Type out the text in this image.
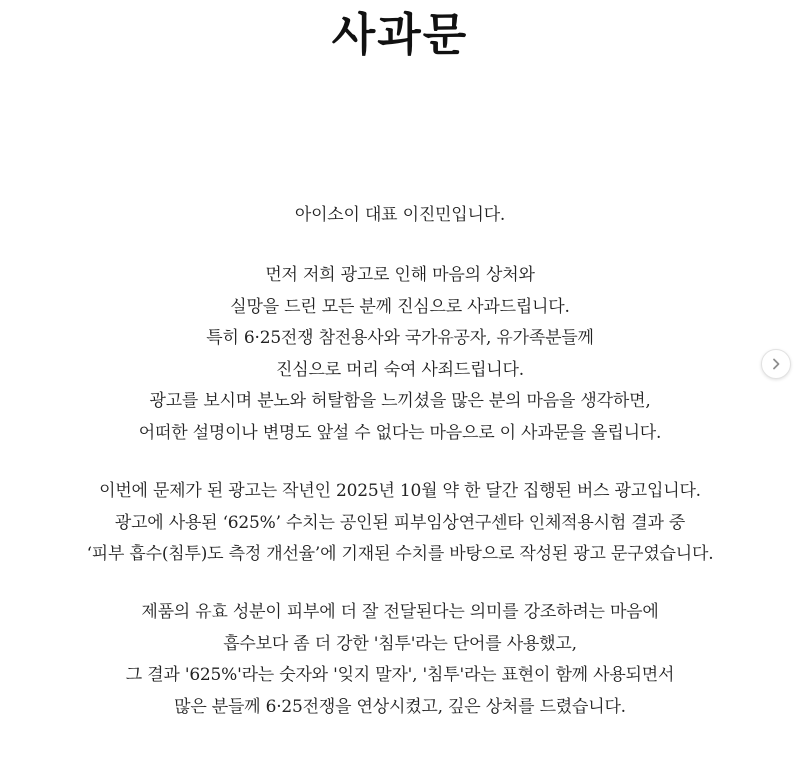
사과문
아이소이 대표 이진민입니다.
먼저 저희 광고로 인해 마음의 상처와
실망을 드린 모든 분께 진심으로 사과드립니다.
특히 6·25전쟁 참전용사와 국가유공자, 유가족분들께
진심으로 머리 숙여 사죄드립니다.
광고를 보시며 분노와 허탈함을 느끼셨을 많은 분의 마음을 생각하면,
어떠한 설명이나 변명도 앞설 수 없다는 마음으로 이 사과문을 올립니다.
이번에 문제가 된 광고는 작년인 2025년 10월 약 한 달간 집행된 버스 광고입니다.
광고에 사용된 ‘625%’ 수치는 공인된 피부임상연구센타 인체적용시험 결과 중
‘피부 흡수(침투)도 측정 개선율’에 기재된 수치를 바탕으로 작성된 광고 문구였습니다.
제품의 유효 성분이 피부에 더 잘 전달된다는 의미를 강조하려는 마음에
흡수보다 좀 더 강한 '침투'라는 단어를 사용했고,
그 결과 '625%'라는 숫자와 '잊지 말자', '침투'라는 표현이 함께 사용되면서
많은 분들께 6·25전쟁을 연상시켰고, 깊은 상처를 드렸습니다.
